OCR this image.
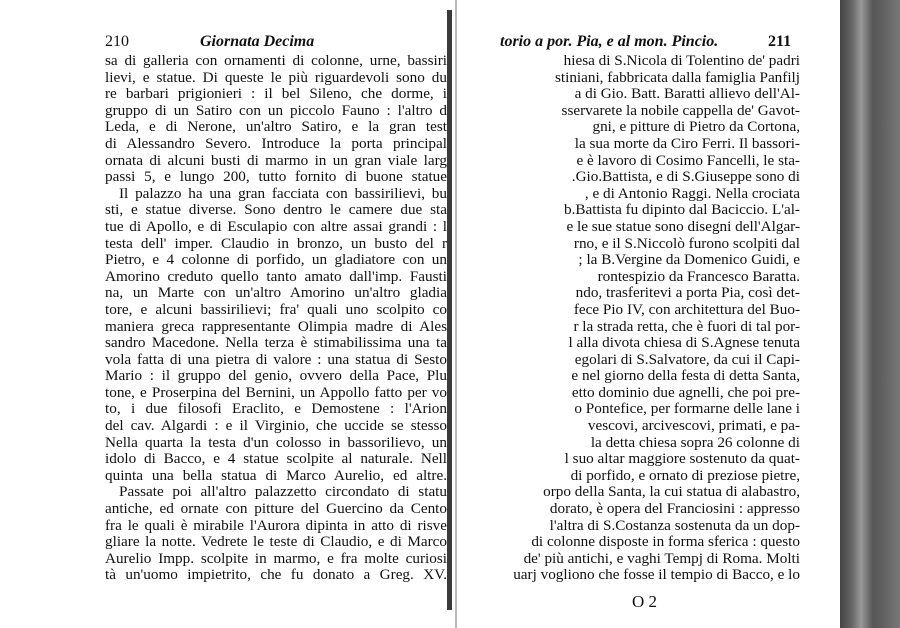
210	Giornata Decima
sa di galleria con ornamenti di colonne, urne, bassiri
lievi, e statue. Di queste le più riguardevoli sono du
re barbari prigionieri : il bel Sileno, che dorme, i
gruppo di un Satiro con un piccolo Fauno : l'altro d
Leda, e di Nerone, un'altro Satiro, e la gran test
di Alessandro Severo. Introduce la porta principal
ornata di alcuni busti di marmo in un gran viale larg
passi 5, e lungo 200, tutto fornito di buone statue
Il palazzo ha una gran facciata con bassirilievi, bu
sti, e statue diverse. Sono dentro le camere due sta
tue di Apollo, e di Esculapio con altre assai grandi : l
testa dell' imper. Claudio in bronzo, un busto del r
Pietro, e 4 colonne di porfido, un gladiatore con un
Amorino creduto quello tanto amato dall'imp. Fausti
na, un Marte con un'altro Amorino un'altro gladia
tore, e alcuni bassirilievi; fra' quali uno scolpito co
maniera greca rappresentante Olimpia madre di Ales
sandro Macedone. Nella terza è stimabilissima una ta
vola fatta di una pietra di valore : una statua di Sesto
Mario : il gruppo del genio, ovvero della Pace, Plu
tone, e Proserpina del Bernini, un Appollo fatto per vo
to, i due filosofi Eraclito, e Demostene : l'Arion
del cav. Algardi : e il Virginio, che uccide se stesso
Nella quarta la testa d'un colosso in bassorilievo, un
idolo di Bacco, e 4 statue scolpite al naturale. Nell
quinta una bella statua di Marco Aurelio, ed altre.
Passate poi all'altro palazzetto circondato di statu
antiche, ed ornate con pitture del Guercino da Cento
fra le quali è mirabile l'Aurora dipinta in atto di risve
gliare la notte. Vedrete le teste di Claudio, e di Marco
Aurelio Impp. scolpite in marmo, e fra molte curiosi
tà un'uomo impietrito, che fu donato a Greg. XV.
torio a por. Pia, e al mon. Pincio.	211
hiesa di S.Nicola di Tolentino de' padri
stiniani, fabbricata dalla famiglia Panfilj
a di Gio. Batt. Baratti allievo dell'Al-
sservarete la nobile cappella de' Gavot-
gni, e pitture di Pietro da Cortona,
la sua morte da Ciro Ferri. Il bassori-
e è lavoro di Cosimo Fancelli, le sta-
.Gio.Battista, e di S.Giuseppe sono di
, e di Antonio Raggi. Nella crociata
b.Battista fu dipinto dal Baciccio. L'al-
e le sue statue sono disegni dell'Algar-
rno, e il S.Niccolò furono scolpiti dal
; la B.Vergine da Domenico Guidi, e
rontespizio da Francesco Baratta.
ndo, trasferitevi a porta Pia, così det-
fece Pio IV, con architettura del Buo-
r la strada retta, che è fuori di tal por-
l alla divota chiesa di S.Agnese tenuta
egolari di S.Salvatore, da cui il Capi-
e nel giorno della festa di detta Santa,
etto dominio due agnelli, che poi pre-
o Pontefice, per formarne delle lane i
vescovi, arcivescovi, primati, e pa-
la detta chiesa sopra 26 colonne di
l suo altar maggiore sostenuto da quat-
di porfido, e ornato di preziose pietre,
orpo della Santa, la cui statua di alabastro,
dorato, è opera del Franciosini : appresso
l'altra di S.Costanza sostenuta da un dop-
di colonne disposte in forma sferica : questo
de' più antichi, e vaghi Tempj di Roma. Molti
uarj vogliono che fosse il tempio di Bacco, e lo
O 2
